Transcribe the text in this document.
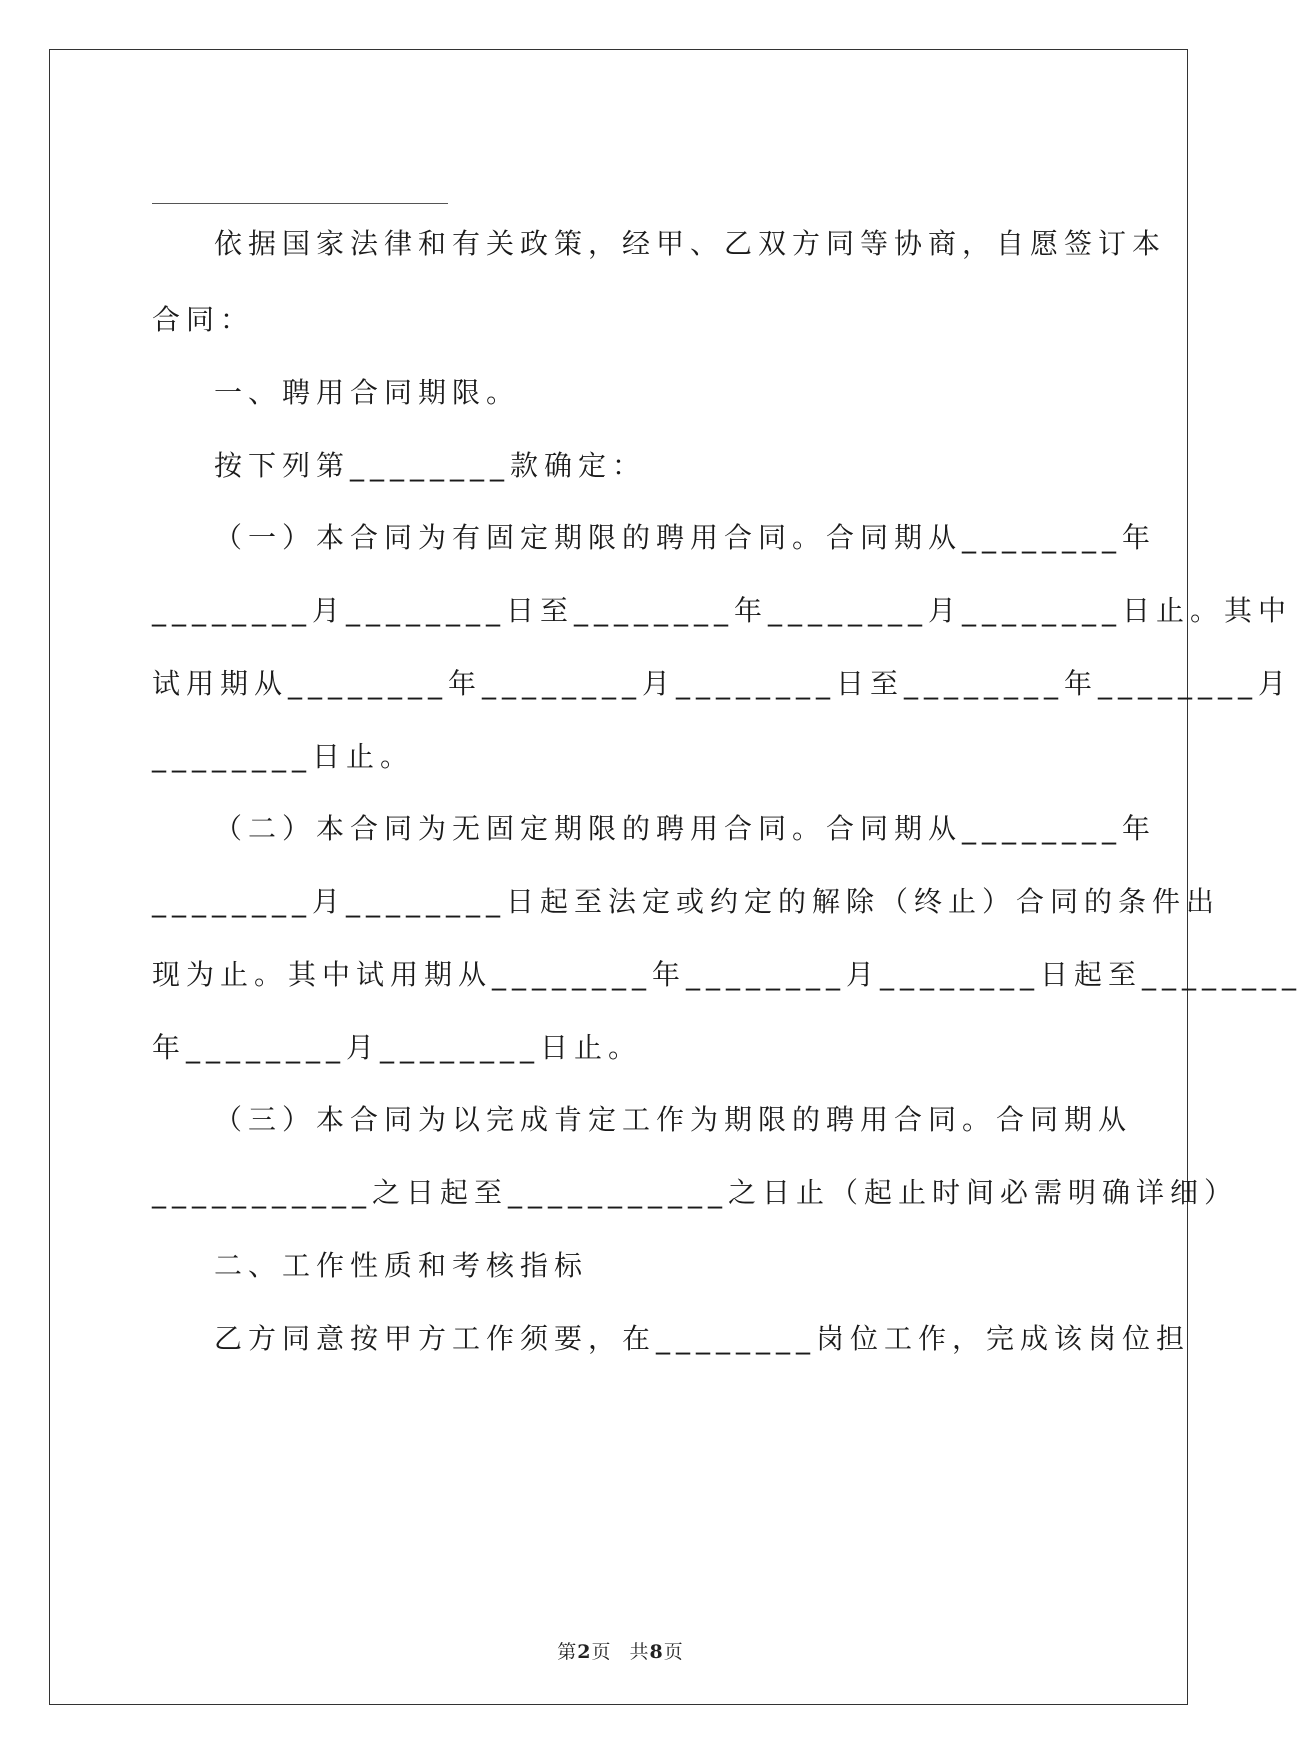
依据国家法律和有关政策，经甲、乙双方同等协商，自愿签订本
合同：
一、聘用合同期限。
按下列第________款确定：
（一）本合同为有固定期限的聘用合同。合同期从________年
________月________日至________年________月________日止。其中
试用期从________年________月________日至________年________月
________日止。
（二）本合同为无固定期限的聘用合同。合同期从________年
________月________日起至法定或约定的解除（终止）合同的条件出
现为止。其中试用期从________年________月________日起至________
年________月________日止。
（三）本合同为以完成肯定工作为期限的聘用合同。合同期从
___________之日起至___________之日止（起止时间必需明确详细）
二、工作性质和考核指标
乙方同意按甲方工作须要，在________岗位工作，完成该岗位担
第2页 共8页
